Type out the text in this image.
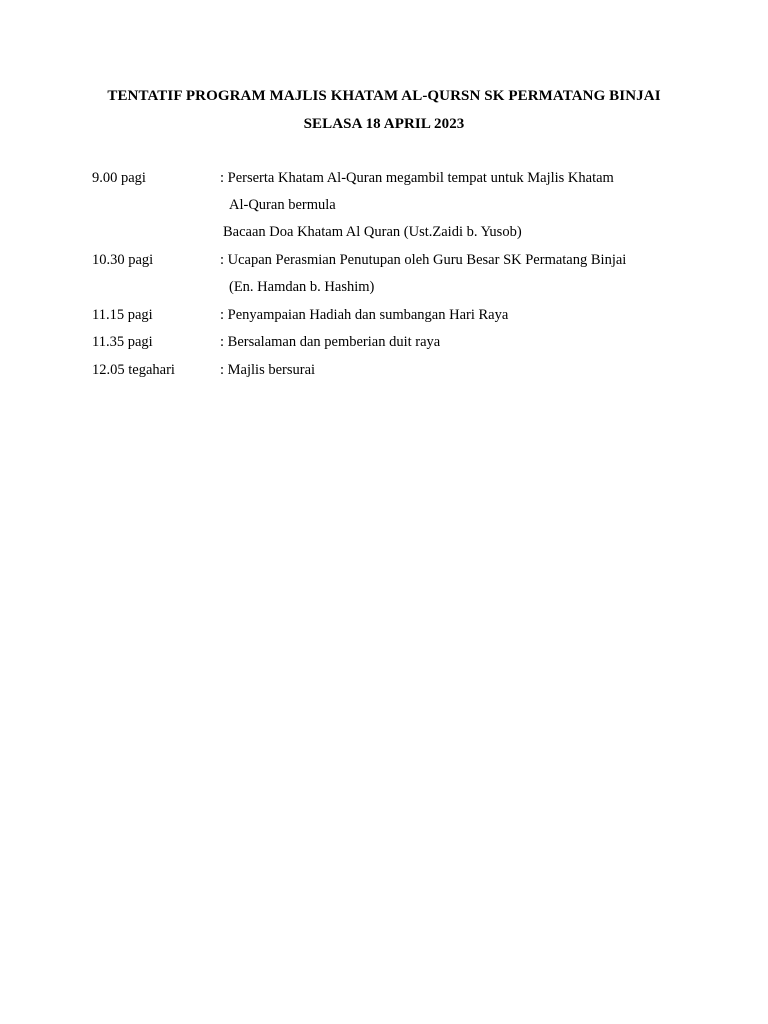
TENTATIF PROGRAM MAJLIS KHATAM AL-QURSN SK PERMATANG BINJAI
SELASA 18 APRIL 2023
9.00 pagi	: Perserta Khatam Al-Quran megambil tempat untuk Majlis Khatam
Al-Quran bermula
Bacaan Doa Khatam Al Quran (Ust.Zaidi b. Yusob)
10.30 pagi	: Ucapan Perasmian Penutupan oleh Guru Besar SK Permatang Binjai
(En. Hamdan b. Hashim)
11.15 pagi	: Penyampaian Hadiah dan sumbangan Hari Raya
11.35 pagi	: Bersalaman dan pemberian duit raya
12.05 tegahari	: Majlis bersurai
